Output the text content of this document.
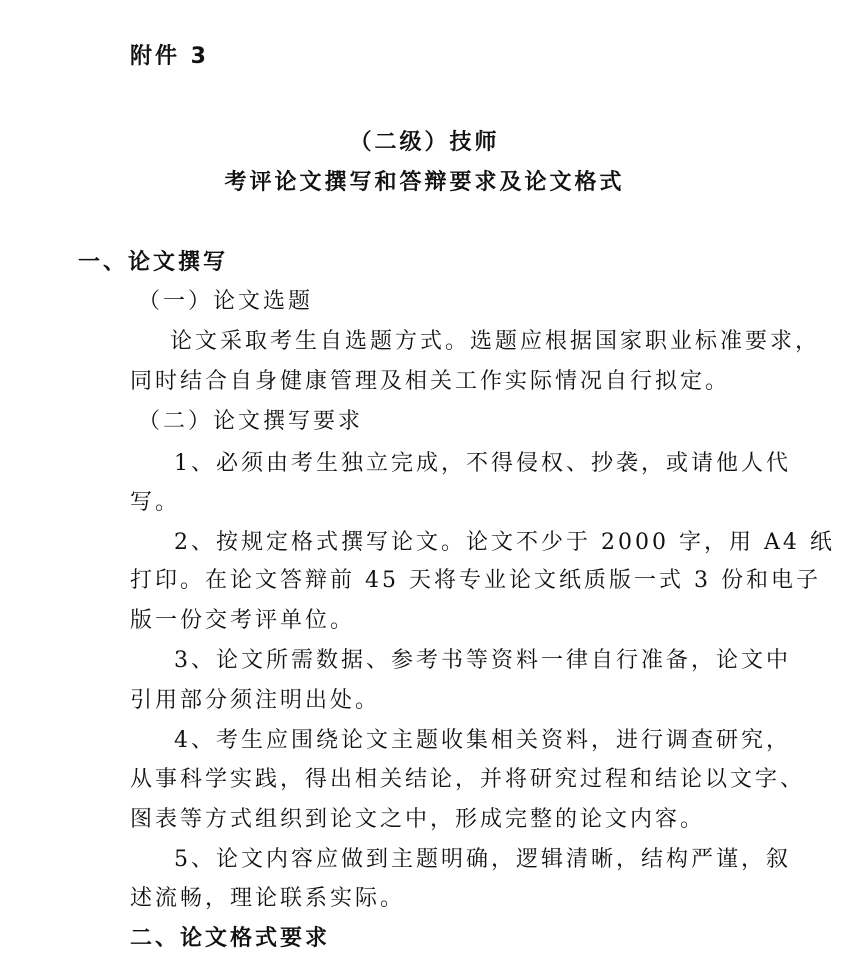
附件 3
（二级）技师
考评论文撰写和答辩要求及论文格式
一、论文撰写
（一）论文选题
论文采取考生自选题方式。选题应根据国家职业标准要求，
同时结合自身健康管理及相关工作实际情况自行拟定。
（二）论文撰写要求
1、必须由考生独立完成，不得侵权、抄袭，或请他人代
写。
2、按规定格式撰写论文。论文不少于 2000 字，用 A4 纸
打印。在论文答辩前 45 天将专业论文纸质版一式 3 份和电子
版一份交考评单位。
3、论文所需数据、参考书等资料一律自行准备，论文中
引用部分须注明出处。
4、考生应围绕论文主题收集相关资料，进行调查研究，
从事科学实践，得出相关结论，并将研究过程和结论以文字、
图表等方式组织到论文之中，形成完整的论文内容。
5、论文内容应做到主题明确，逻辑清晰，结构严谨，叙
述流畅，理论联系实际。
二、论文格式要求
